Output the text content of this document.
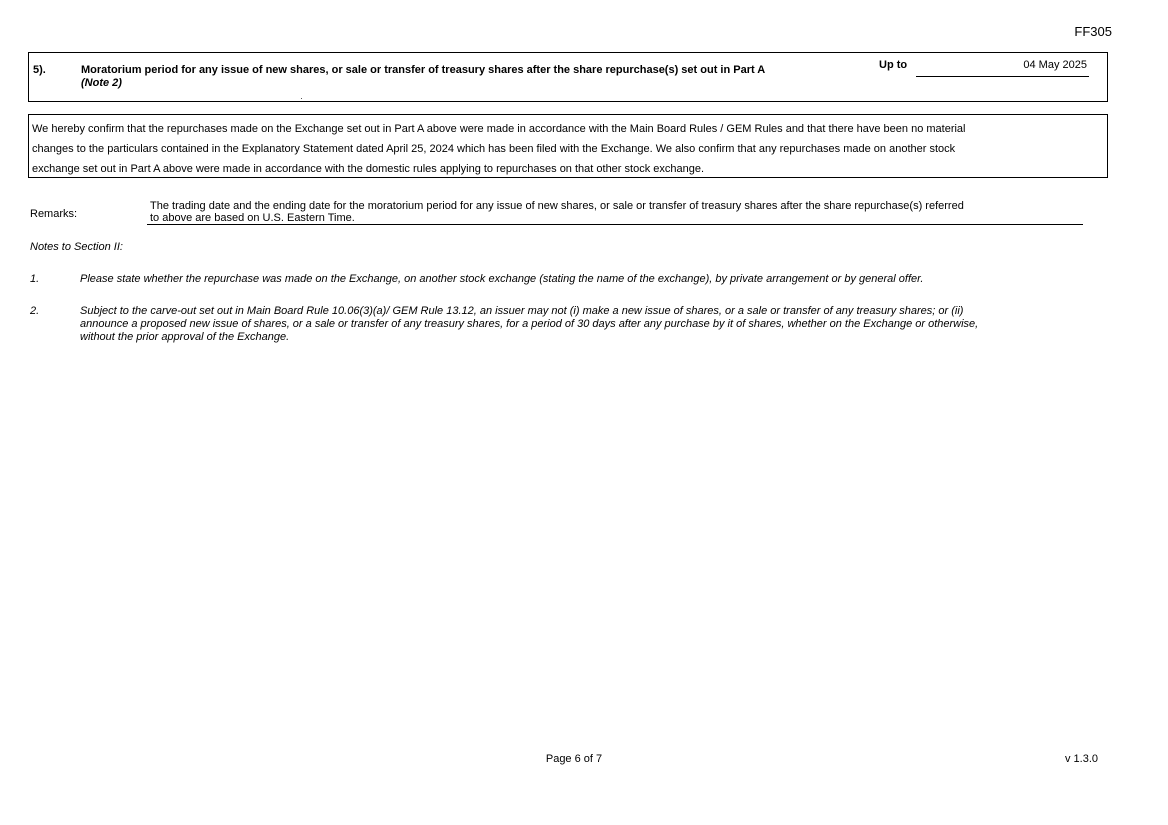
FF305
5).	Moratorium period for any issue of new shares, or sale or transfer of treasury shares after the share repurchase(s) set out in Part A
(Note 2)
Up to	04 May 2025
We hereby confirm that the repurchases made on the Exchange set out in Part A above were made in accordance with the Main Board Rules / GEM Rules and that there have been no material
changes to the particulars contained in the Explanatory Statement dated April 25, 2024 which has been filed with the Exchange. We also confirm that any repurchases made on another stock
exchange set out in Part A above were made in accordance with the domestic rules applying to repurchases on that other stock exchange.
Remarks:
The trading date and the ending date for the moratorium period for any issue of new shares, or sale or transfer of treasury shares after the share repurchase(s) referred
to above are based on U.S. Eastern Time.
Notes to Section II:
1.	Please state whether the repurchase was made on the Exchange, on another stock exchange (stating the name of the exchange), by private arrangement or by general offer.
2.	Subject to the carve-out set out in Main Board Rule 10.06(3)(a)/ GEM Rule 13.12, an issuer may not (i) make a new issue of shares, or a sale or transfer of any treasury shares; or (ii)
announce a proposed new issue of shares, or a sale or transfer of any treasury shares, for a period of 30 days after any purchase by it of shares, whether on the Exchange or otherwise,
without the prior approval of the Exchange.
Page 6 of 7	v 1.3.0
